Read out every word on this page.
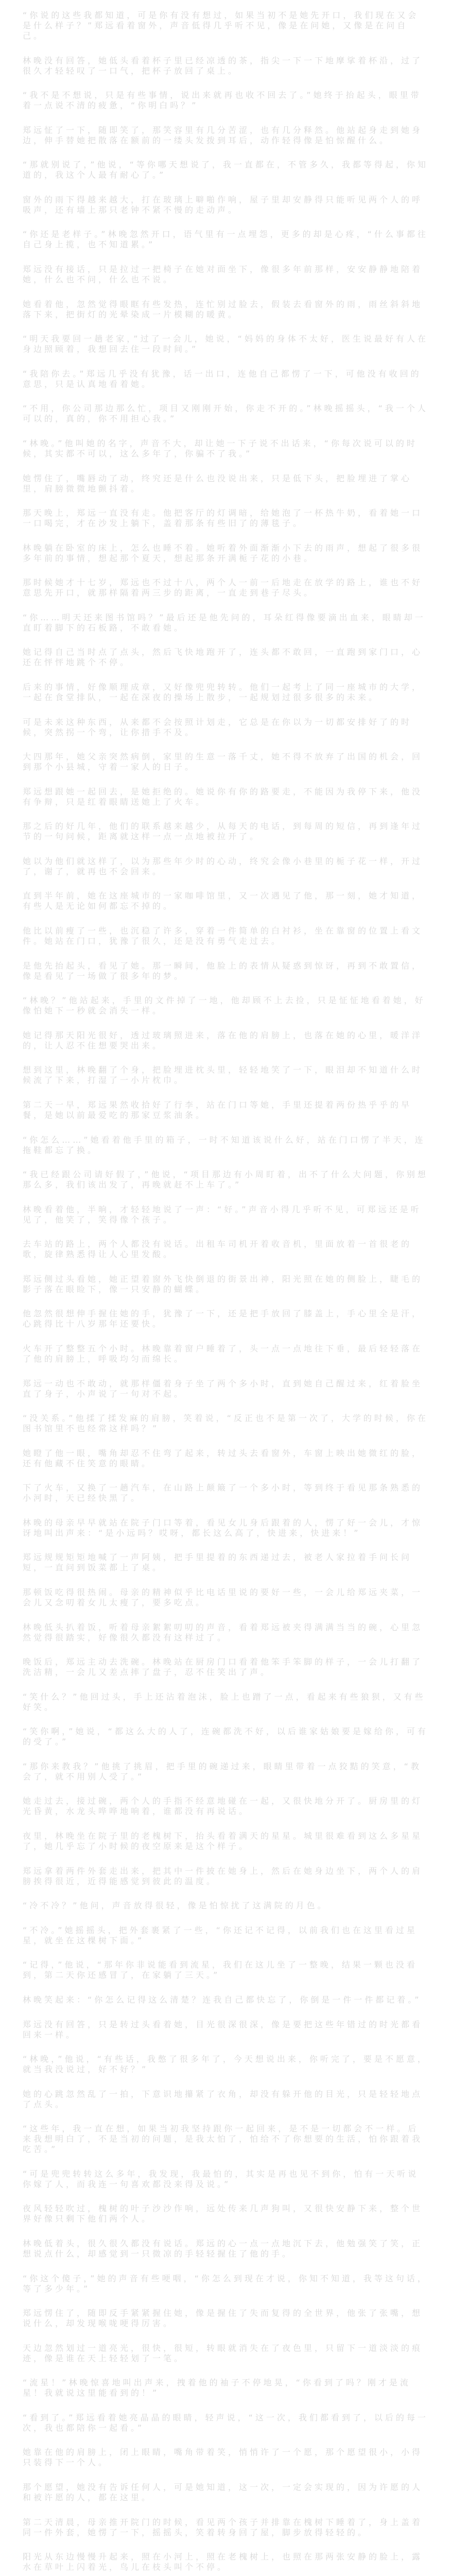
“你说的这些我都知道，可是你有没有想过，如果当初不是她先开口，我们现在又会是什么样子？”郑远看着窗外，声音低得几乎听不见，像是在问她，又像是在问自己。

林晚没有回答，她低头看着杯子里已经凉透的茶，指尖一下一下地摩挲着杯沿，过了很久才轻轻叹了一口气，把杯子放回了桌上。

“我不是不想说，只是有些事情，说出来就再也收不回去了。”她终于抬起头，眼里带着一点说不清的疲惫，“你明白吗？”

郑远怔了一下，随即笑了，那笑容里有几分苦涩，也有几分释然。他站起身走到她身边，伸手替她把散落在额前的一缕头发拨到耳后，动作轻得像是怕惊醒什么。

“那就别说了，”他说，“等你哪天想说了，我一直都在，不管多久，我都等得起，你知道的，我这个人最有耐心了。”

窗外的雨下得越来越大，打在玻璃上噼啪作响，屋子里却安静得只能听见两个人的呼吸声，还有墙上那只老钟不紧不慢的走动声。

“你还是老样子。”林晚忽然开口，语气里有一点埋怨，更多的却是心疼，“什么事都往自己身上揽，也不知道累。”

郑远没有接话，只是拉过一把椅子在她对面坐下，像很多年前那样，安安静静地陪着她，什么也不问，什么也不说。

她看着他，忽然觉得眼眶有些发热，连忙别过脸去，假装去看窗外的雨，雨丝斜斜地落下来，把街灯的光晕染成一片模糊的暖黄。

“明天我要回一趟老家，”过了一会儿，她说，“妈妈的身体不太好，医生说最好有人在身边照顾着，我想回去住一段时间。”

“我陪你去。”郑远几乎没有犹豫，话一出口，连他自己都愣了一下，可他没有收回的意思，只是认真地看着她。

“不用，你公司那边那么忙，项目又刚刚开始，你走不开的。”林晚摇摇头，“我一个人可以的，真的，你不用担心我。”

“林晚。”他叫她的名字，声音不大，却让她一下子说不出话来，“你每次说可以的时候，其实都不可以，这么多年了，你骗不了我。”

她愣住了，嘴唇动了动，终究还是什么也没说出来，只是低下头，把脸埋进了掌心里，肩膀微微地颤抖着。

那天晚上，郑远一直没有走。他把客厅的灯调暗，给她泡了一杯热牛奶，看着她一口一口喝完，才在沙发上躺下，盖着那条有些旧了的薄毯子。

林晚躺在卧室的床上，怎么也睡不着。她听着外面渐渐小下去的雨声，想起了很多很多年前的事情，想起那个夏天，想起那条开满栀子花的小巷。

那时候她才十七岁，郑远也不过十八，两个人一前一后地走在放学的路上，谁也不好意思先开口，就那样隔着两三步的距离，一直走到巷子尽头。

“你……明天还来图书馆吗？”最后还是他先问的，耳朵红得像要滴出血来，眼睛却一直盯着脚下的石板路，不敢看她。

她记得自己当时点了点头，然后飞快地跑开了，连头都不敢回，一直跑到家门口，心还在怦怦地跳个不停。

后来的事情，好像顺理成章，又好像兜兜转转。他们一起考上了同一座城市的大学，一起在食堂排队，一起在深夜的操场上散步，一起规划过很多很多的未来。

可是未来这种东西，从来都不会按照计划走，它总是在你以为一切都安排好了的时候，突然拐一个弯，让你措手不及。

大四那年，她父亲突然病倒，家里的生意一落千丈，她不得不放弃了出国的机会，回到那个小县城，守着一家人的日子。

郑远想跟她一起回去，是她拒绝的。她说你有你的路要走，不能因为我停下来，他没有争辩，只是红着眼睛送她上了火车。

那之后的好几年，他们的联系越来越少，从每天的电话，到每周的短信，再到逢年过节的一句问候，距离就这样一点一点地被拉开了。

她以为他们就这样了，以为那些年少时的心动，终究会像小巷里的栀子花一样，开过了，谢了，就再也不会回来。

直到半年前，她在这座城市的一家咖啡馆里，又一次遇见了他，那一刻，她才知道，有些人是无论如何都忘不掉的。

他比以前瘦了一些，也沉稳了许多，穿着一件简单的白衬衫，坐在靠窗的位置上看文件。她站在门口，犹豫了很久，还是没有勇气走过去。

是他先抬起头，看见了她。那一瞬间，他脸上的表情从疑惑到惊讶，再到不敢置信，像是看见了一场做了很多年的梦。

“林晚？”他站起来，手里的文件掉了一地，他却顾不上去捡，只是怔怔地看着她，好像怕她下一秒就会消失一样。

她记得那天阳光很好，透过玻璃照进来，落在他的肩膀上，也落在她的心里，暖洋洋的，让人忍不住想要哭出来。

想到这里，林晚翻了个身，把脸埋进枕头里，轻轻地笑了一下，眼泪却不知道什么时候流了下来，打湿了一小片枕巾。

第二天一早，郑远果然收拾好了行李，站在门口等她，手里还提着两份热乎乎的早餐，是她以前最爱吃的那家豆浆油条。

“你怎么……”她看着他手里的箱子，一时不知道该说什么好，站在门口愣了半天，连拖鞋都忘了换。

“我已经跟公司请好假了，”他说，“项目那边有小周盯着，出不了什么大问题，你别想那么多，我们该出发了，再晚就赶不上车了。”

林晚看着他，半晌，才轻轻地说了一声：“好。”声音小得几乎听不见，可郑远还是听见了，他笑了，笑得像个孩子。

去车站的路上，两个人都没有说话。出租车司机开着收音机，里面放着一首很老的歌，旋律熟悉得让人心里发酸。

郑远侧过头看她，她正望着窗外飞快倒退的街景出神，阳光照在她的侧脸上，睫毛的影子落在眼睑下，像一只安静的蝴蝶。

他忽然很想伸手握住她的手，犹豫了一下，还是把手放回了膝盖上，手心里全是汗，心跳得比十八岁那年还要快。

火车开了整整五个小时。林晚靠着窗户睡着了，头一点一点地往下垂，最后轻轻落在了他的肩膀上，呼吸均匀而绵长。

郑远一动也不敢动，就那样僵着身子坐了两个多小时，直到她自己醒过来，红着脸坐直了身子，小声说了一句对不起。

“没关系。”他揉了揉发麻的肩膀，笑着说，“反正也不是第一次了，大学的时候，你在图书馆里不也经常这样吗？”

她瞪了他一眼，嘴角却忍不住弯了起来，转过头去看窗外，车窗上映出她微红的脸，还有他藏不住笑意的眼睛。

下了火车，又换了一趟汽车，在山路上颠簸了一个多小时，等到终于看见那条熟悉的小河时，天已经快黑了。

林晚的母亲早早就站在院子门口等着，看见女儿身后跟着的人，愣了好一会儿，才惊讶地叫出声来：“是小远吗？哎呀，都长这么高了，快进来，快进来！”

郑远规规矩矩地喊了一声阿姨，把手里提着的东西递过去，被老人家拉着手问长问短，一直问到饭菜都上了桌。

那顿饭吃得很热闹。母亲的精神似乎比电话里说的要好一些，一会儿给郑远夹菜，一会儿又念叨着女儿太瘦了，要多吃点。

林晚低头扒着饭，听着母亲絮絮叨叨的声音，看着郑远被夹得满满当当的碗，心里忽然觉得很踏实，好像很久都没有这样过了。

晚饭后，郑远主动去洗碗。林晚站在厨房门口看着他笨手笨脚的样子，一会儿打翻了洗洁精，一会儿又差点摔了盘子，忍不住笑出了声。

“笑什么？”他回过头，手上还沾着泡沫，脸上也蹭了一点，看起来有些狼狈，又有些好笑。

“笑你啊，”她说，“都这么大的人了，连碗都洗不好，以后谁家姑娘要是嫁给你，可有的受了。”

“那你来教我？”他挑了挑眉，把手里的碗递过来，眼睛里带着一点狡黠的笑意，“教会了，就不用别人受了。”

她走过去，接过碗，两个人的手指不经意地碰在一起，又很快地分开了。厨房里的灯光昏黄，水龙头哗哗地响着，谁都没有再说话。

夜里，林晚坐在院子里的老槐树下，抬头看着满天的星星。城里很难看到这么多星星了，她几乎忘了小时候的夜空原来是这个样子。

郑远拿着两件外套走出来，把其中一件披在她身上，然后在她身边坐下，两个人的肩膀挨得很近，近得能感觉到彼此的温度。

“冷不冷？”他问，声音放得很轻，像是怕惊扰了这满院的月色。

“不冷。”她摇摇头，把外套裹紧了一些，“你还记不记得，以前我们也在这里看过星星，就坐在这棵树下面。”

“记得，”他说，“那年你非说能看到流星，我们在这儿坐了一整晚，结果一颗也没看到，第二天你还感冒了，在家躺了三天。”

林晚笑起来：“你怎么记得这么清楚？连我自己都快忘了，你倒是一件一件都记着。”

郑远没有回答，只是转过头看着她，目光很深很深，像是要把这些年错过的时光都看回来一样。

“林晚，”他说，“有些话，我憋了很多年了，今天想说出来，你听完了，要是不愿意，就当我没说过，好不好？”

她的心跳忽然乱了一拍，下意识地攥紧了衣角，却没有躲开他的目光，只是轻轻地点了点头。

“这些年，我一直在想，如果当初我坚持跟你一起回来，是不是一切都会不一样。后来我想明白了，不是当初的问题，是我太怕了，怕给不了你想要的生活，怕你跟着我吃苦。”

“可是兜兜转转这么多年，我发现，我最怕的，其实是再也见不到你，怕有一天听说你嫁了人，而我连一句喜欢都没来得及说。”

夜风轻轻吹过，槐树的叶子沙沙作响，远处传来几声狗叫，又很快安静下来，整个世界好像只剩下他们两个人。

林晚低着头，很久很久都没有说话。郑远的心一点一点地沉下去，他勉强笑了笑，正想说点什么，却感觉到一只微凉的手轻轻握住了他的手。

“你这个傻子，”她的声音有些哽咽，“你怎么到现在才说，你知不知道，我等这句话，等了多少年。”

郑远愣住了，随即反手紧紧握住她，像是握住了失而复得的全世界，他张了张嘴，想说什么，却发现喉咙哽得厉害。

天边忽然划过一道亮光，很快，很短，转眼就消失在了夜色里，只留下一道淡淡的痕迹，像是谁在天上轻轻划了一笔。

“流星！”林晚惊喜地叫出声来，拽着他的袖子不停地晃，“你看到了吗？刚才是流星！我就说这里能看到的！”

“看到了。”郑远看着她亮晶晶的眼睛，轻声说，“这一次，我们都看到了，以后的每一次，我也都陪你一起看。”

她靠在他的肩膀上，闭上眼睛，嘴角带着笑，悄悄许了一个愿，那个愿望很小，小得只装得下一个人。

那个愿望，她没有告诉任何人，可是她知道，这一次，一定会实现的，因为许愿的人和被许愿的人，都在这里。

第二天清晨，母亲推开院门的时候，看见两个孩子并排靠在槐树下睡着了，身上盖着同一件外套，她愣了一下，摇摇头，笑着转身回了屋，脚步放得轻轻的。

阳光从东边慢慢升起来，照在小河上，照在老槐树上，也照在那两张安静的脸上，露水在草叶上闪着光，鸟儿在枝头叫个不停。
